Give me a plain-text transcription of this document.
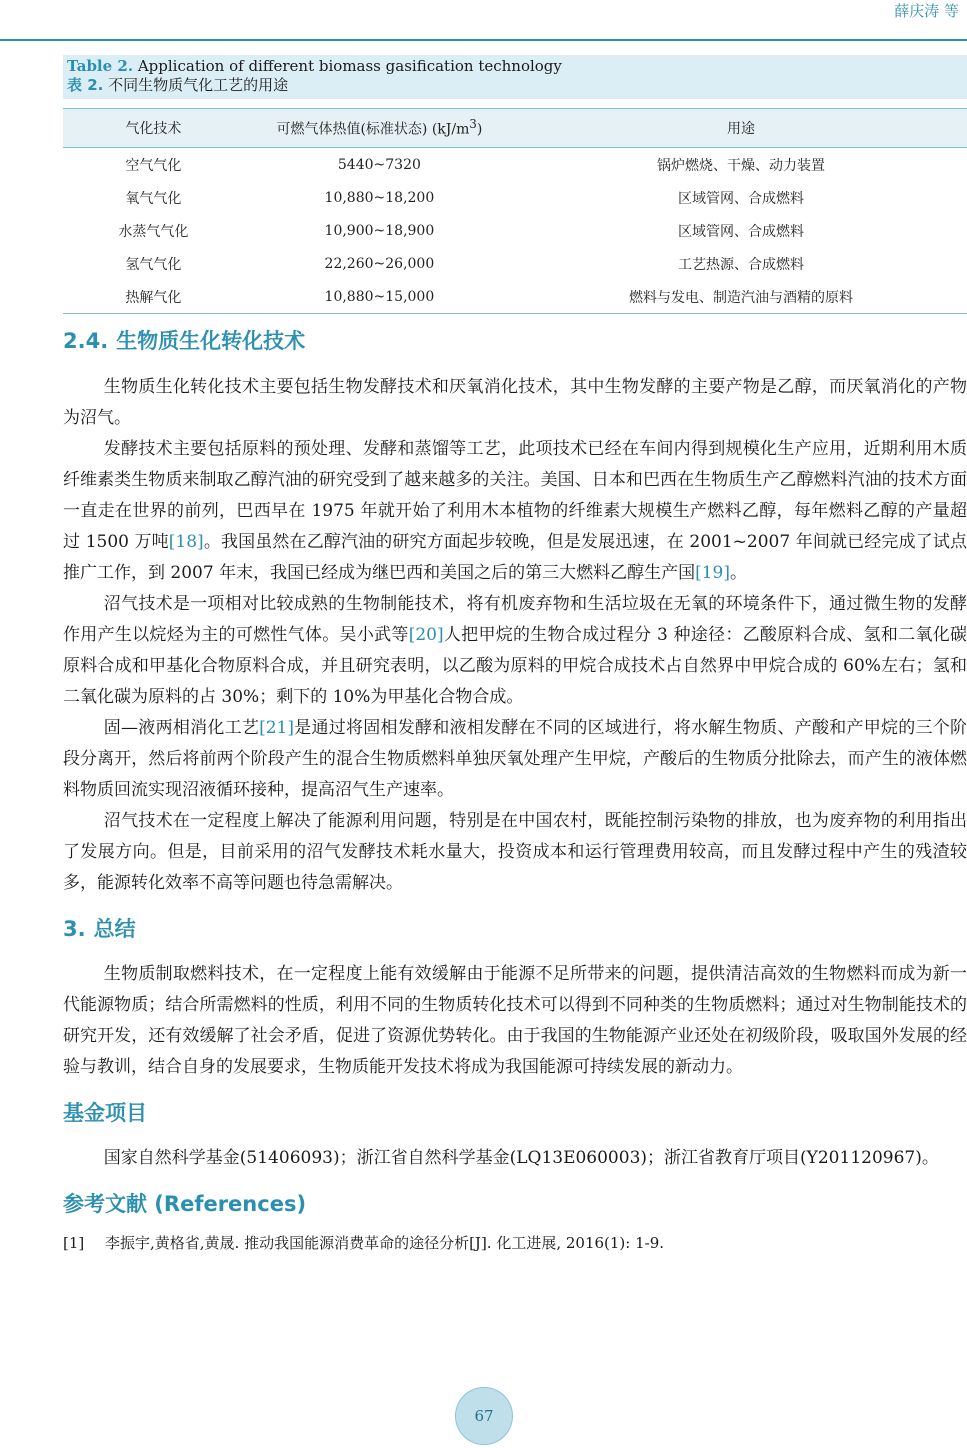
薛庆涛 等
Table 2. Application of different biomass gasification technology
表 2. 不同生物质气化工艺的用途
气化技术	可燃气体热值(标准状态) $(kJ/m^3)$	用途
空气气化	5440~7320	锅炉燃烧、干燥、动力装置
氧气气化	10,880~18,200	区域管网、合成燃料
水蒸气气化	10,900~18,900	区域管网、合成燃料
氢气气化	22,260~26,000	工艺热源、合成燃料
热解气化	10,880~15,000	燃料与发电、制造汽油与酒精的原料
2.4. 生物质生化转化技术

生物质生化转化技术主要包括生物发酵技术和厌氧消化技术，其中生物发酵的主要产物是乙醇，而厌氧消化的产物为沼气。

发酵技术主要包括原料的预处理、发酵和蒸馏等工艺，此项技术已经在车间内得到规模化生产应用，近期利用木质纤维素类生物质来制取乙醇汽油的研究受到了越来越多的关注。美国、日本和巴西在生物质生产乙醇燃料汽油的技术方面一直走在世界的前列，巴西早在 1975 年就开始了利用木本植物的纤维素大规模生产燃料乙醇，每年燃料乙醇的产量超过 1500 万吨[18]。我国虽然在乙醇汽油的研究方面起步较晚，但是发展迅速，在 2001~2007 年间就已经完成了试点推广工作，到 2007 年末，我国已经成为继巴西和美国之后的第三大燃料乙醇生产国[19]。

沼气技术是一项相对比较成熟的生物制能技术，将有机废弃物和生活垃圾在无氧的环境条件下，通过微生物的发酵作用产生以烷烃为主的可燃性气体。吴小武等[20]人把甲烷的生物合成过程分 3 种途径：乙酸原料合成、氢和二氧化碳原料合成和甲基化合物原料合成，并且研究表明，以乙酸为原料的甲烷合成技术占自然界中甲烷合成的 60%左右；氢和二氧化碳为原料的占 30%；剩下的 10%为甲基化合物合成。

固—液两相消化工艺[21]是通过将固相发酵和液相发酵在不同的区域进行，将水解生物质、产酸和产甲烷的三个阶段分离开，然后将前两个阶段产生的混合生物质燃料单独厌氧处理产生甲烷，产酸后的生物质分批除去，而产生的液体燃料物质回流实现沼液循环接种，提高沼气生产速率。

沼气技术在一定程度上解决了能源利用问题，特别是在中国农村，既能控制污染物的排放，也为废弃物的利用指出了发展方向。但是，目前采用的沼气发酵技术耗水量大，投资成本和运行管理费用较高，而且发酵过程中产生的残渣较多，能源转化效率不高等问题也待急需解决。

3. 总结

生物质制取燃料技术，在一定程度上能有效缓解由于能源不足所带来的问题，提供清洁高效的生物燃料而成为新一代能源物质；结合所需燃料的性质，利用不同的生物质转化技术可以得到不同种类的生物质燃料；通过对生物制能技术的研究开发，还有效缓解了社会矛盾，促进了资源优势转化。由于我国的生物能源产业还处在初级阶段，吸取国外发展的经验与教训，结合自身的发展要求，生物质能开发技术将成为我国能源可持续发展的新动力。

基金项目

国家自然科学基金(51406093)；浙江省自然科学基金(LQ13E060003)；浙江省教育厅项目(Y201120967)。

参考文献 (References)
[1]	李振宇,黄格省,黄晟. 推动我国能源消费革命的途径分析[J]. 化工进展, 2016(1): 1-9.
67
